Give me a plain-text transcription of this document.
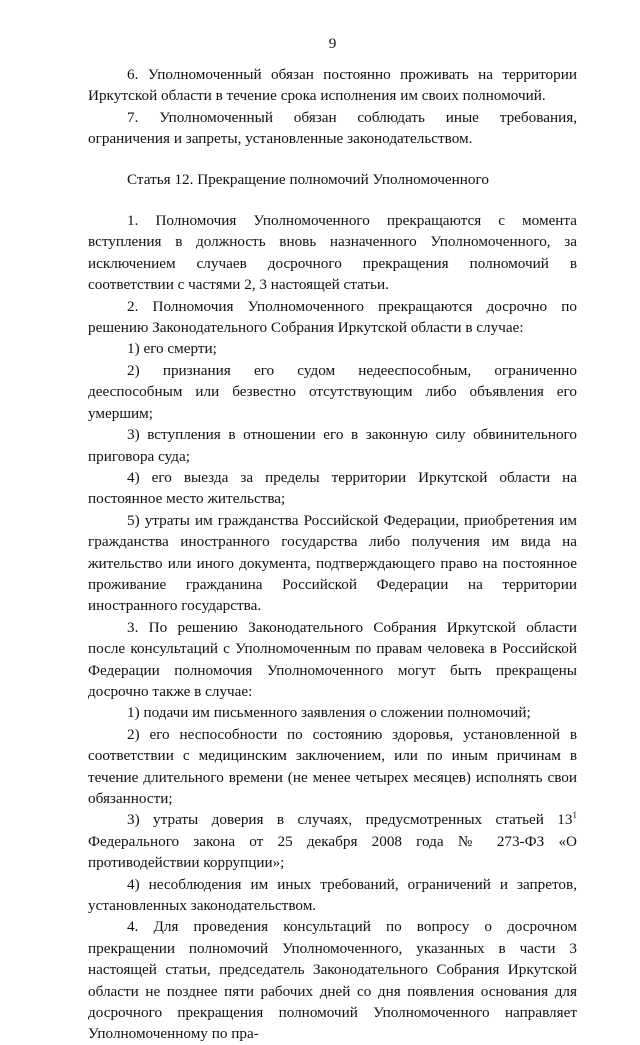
9

6. Уполномоченный обязан постоянно проживать на территории Иркутской области в течение срока исполнения им своих полномочий.

7. Уполномоченный обязан соблюдать иные требования, ограничения и запреты, установленные законодательством.

Статья 12. Прекращение полномочий Уполномоченного

1. Полномочия Уполномоченного прекращаются с момента вступления в должность вновь назначенного Уполномоченного, за исключением случаев досрочного прекращения полномочий в соответствии с частями 2, 3 настоящей статьи.

2. Полномочия Уполномоченного прекращаются досрочно по решению Законодательного Собрания Иркутской области в случае:

1) его смерти;

2) признания его судом недееспособным, ограниченно дееспособным или безвестно отсутствующим либо объявления его умершим;

3) вступления в отношении его в законную силу обвинительного приговора суда;

4) его выезда за пределы территории Иркутской области на постоянное место жительства;

5) утраты им гражданства Российской Федерации, приобретения им гражданства иностранного государства либо получения им вида на жительство или иного документа, подтверждающего право на постоянное проживание гражданина Российской Федерации на территории иностранного государства.

3. По решению Законодательного Собрания Иркутской области после консультаций с Уполномоченным по правам человека в Российской Федерации полномочия Уполномоченного могут быть прекращены досрочно также в случае:

1) подачи им письменного заявления о сложении полномочий;

2) его неспособности по состоянию здоровья, установленной в соответствии с медицинским заключением, или по иным причинам в течение длительного времени (не менее четырех месяцев) исполнять свои обязанности;

3) утраты доверия в случаях, предусмотренных статьей $13^1$ Федерального закона от 25 декабря 2008 года № 273-ФЗ «О противодействии коррупции»;

4) несоблюдения им иных требований, ограничений и запретов, установленных законодательством.

4. Для проведения консультаций по вопросу о досрочном прекращении полномочий Уполномоченного, указанных в части 3 настоящей статьи, председатель Законодательного Собрания Иркутской области не позднее пяти рабочих дней со дня появления основания для досрочного прекращения полномочий Уполномоченного направляет Уполномоченному по пра-
